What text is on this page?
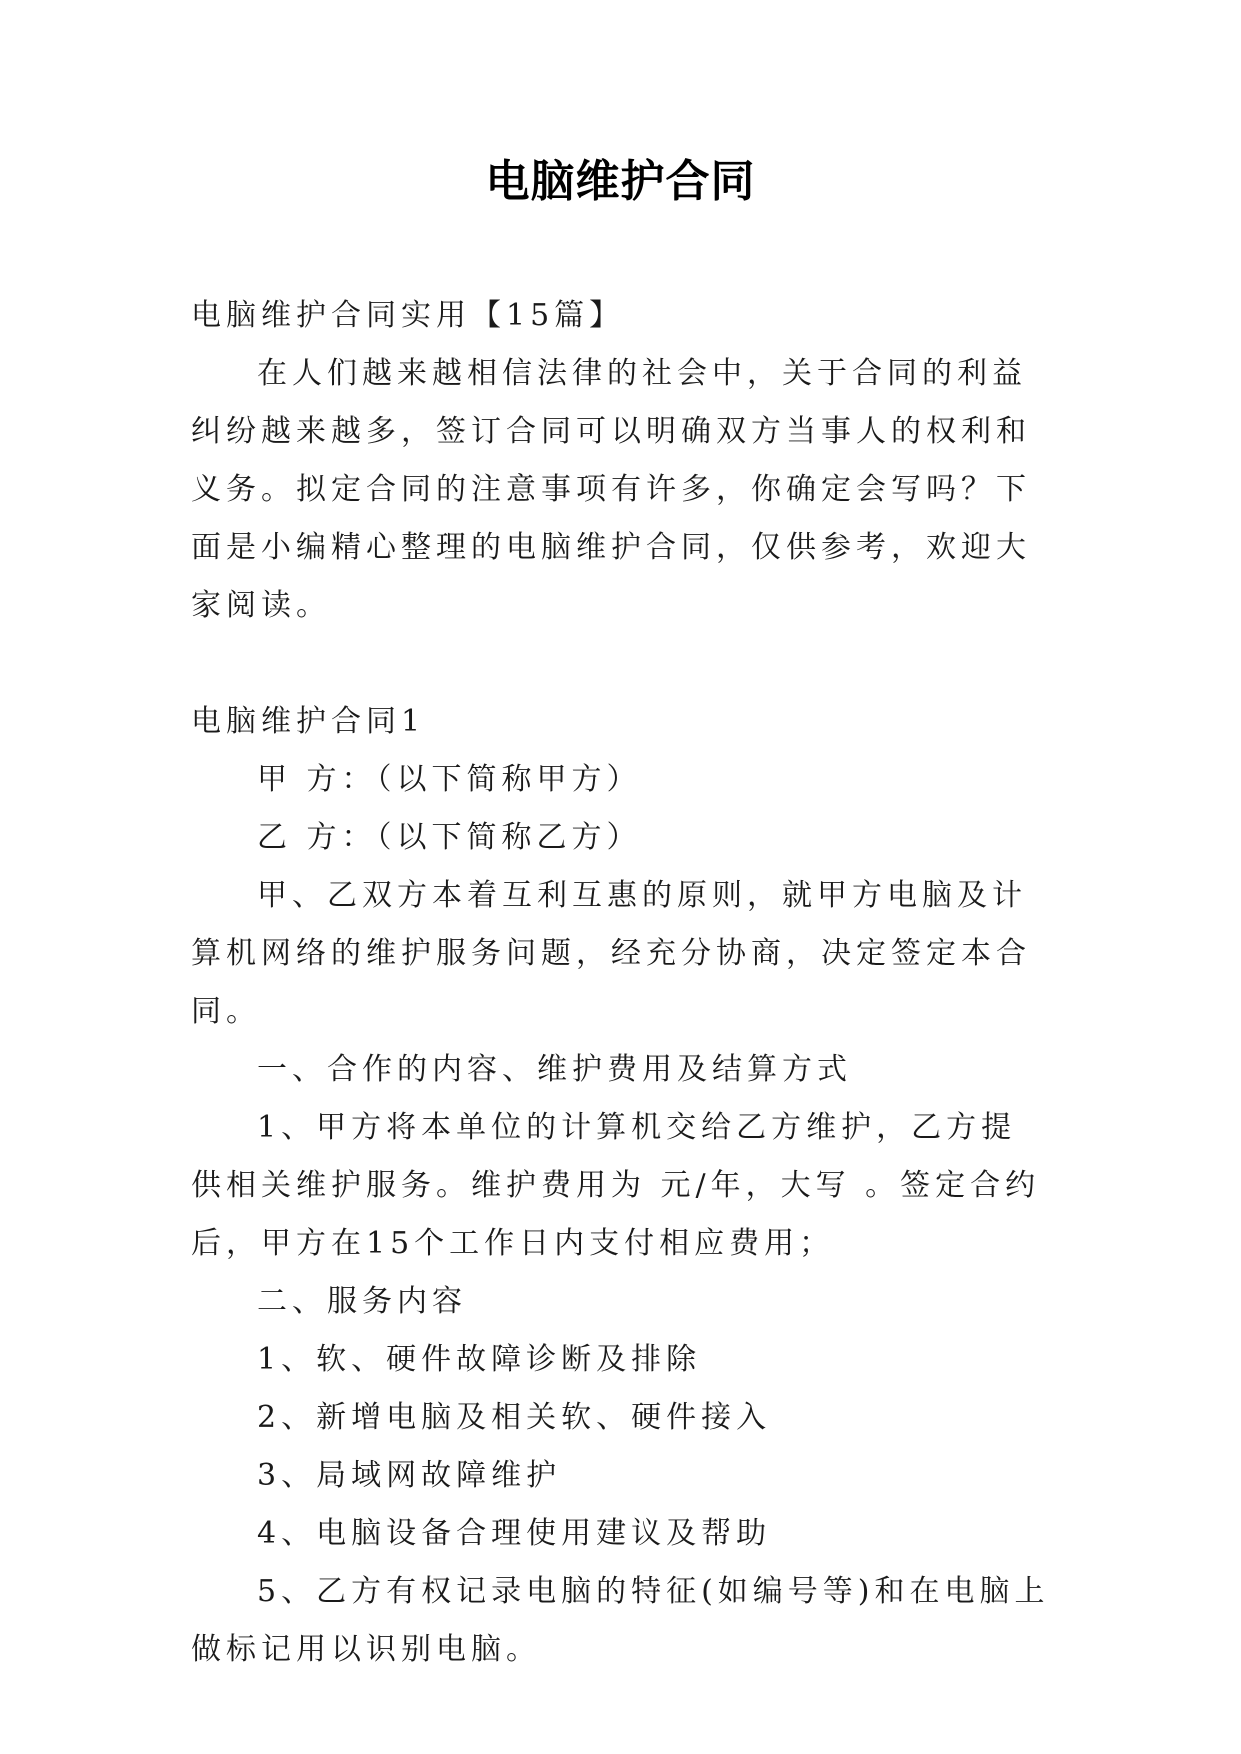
电脑维护合同

电脑维护合同实用【15篇】

在人们越来越相信法律的社会中，关于合同的利益纠纷越来越多，签订合同可以明确双方当事人的权利和义务。拟定合同的注意事项有许多，你确定会写吗？下面是小编精心整理的电脑维护合同，仅供参考，欢迎大家阅读。

电脑维护合同1

甲 方：（以下简称甲方）

乙 方：（以下简称乙方）

甲、乙双方本着互利互惠的原则，就甲方电脑及计算机网络的维护服务问题，经充分协商，决定签定本合同。

一、合作的内容、维护费用及结算方式

1、甲方将本单位的计算机交给乙方维护，乙方提供相关维护服务。维护费用为 元/年，大写 。签定合约后，甲方在15个工作日内支付相应费用；

二、服务内容

1、软、硬件故障诊断及排除

2、新增电脑及相关软、硬件接入

3、局域网故障维护

4、电脑设备合理使用建议及帮助

5、乙方有权记录电脑的特征(如编号等)和在电脑上做标记用以识别电脑。
